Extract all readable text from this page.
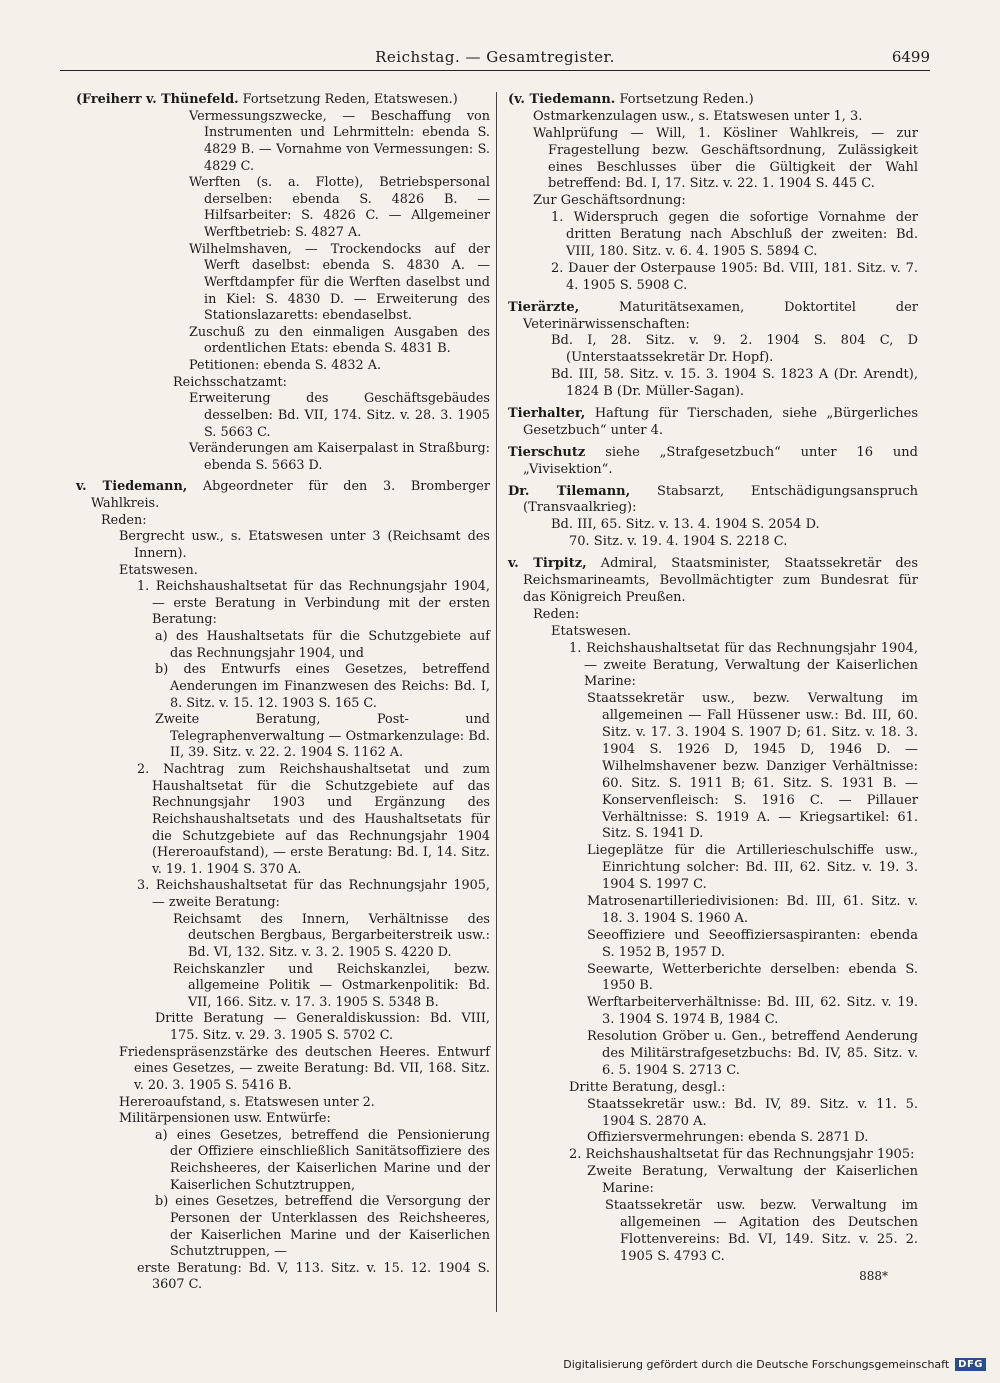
Reichstag. — Gesamtregister.	6499

(Freiherr v. Thünefeld. Fortsetzung Reden, Etatswesen.)

Vermessungszwecke, — Beschaffung von Instrumenten und Lehrmitteln: ebenda S. 4829 B. — Vornahme von Vermessungen: S. 4829 C.

Werften (s. a. Flotte), Betriebspersonal derselben: ebenda S. 4826 B. — Hilfsarbeiter: S. 4826 C. — Allgemeiner Werftbetrieb: S. 4827 A.

Wilhelmshaven, — Trockendocks auf der Werft daselbst: ebenda S. 4830 A. — Werftdampfer für die Werften daselbst und in Kiel: S. 4830 D. — Erweiterung des Stationslazaretts: ebendaselbst.

Zuschuß zu den einmaligen Ausgaben des ordentlichen Etats: ebenda S. 4831 B.

Petitionen: ebenda S. 4832 A.

Reichsschatzamt:

Erweiterung des Geschäftsgebäudes desselben: Bd. VII, 174. Sitz. v. 28. 3. 1905 S. 5663 C.

Veränderungen am Kaiserpalast in Straßburg: ebenda S. 5663 D.

v. Tiedemann, Abgeordneter für den 3. Bromberger Wahlkreis.

Reden:

Bergrecht usw., s. Etatswesen unter 3 (Reichsamt des Innern).

Etatswesen.

1. Reichshaushaltsetat für das Rechnungsjahr 1904, — erste Beratung in Verbindung mit der ersten Beratung:

a) des Haushaltsetats für die Schutzgebiete auf das Rechnungsjahr 1904, und

b) des Entwurfs eines Gesetzes, betreffend Aenderungen im Finanzwesen des Reichs: Bd. I, 8. Sitz. v. 15. 12. 1903 S. 165 C.

Zweite Beratung, Post- und Telegraphenverwaltung — Ostmarkenzulage: Bd. II, 39. Sitz. v. 22. 2. 1904 S. 1162 A.

2. Nachtrag zum Reichshaushaltsetat und zum Haushaltsetat für die Schutzgebiete auf das Rechnungsjahr 1903 und Ergänzung des Reichshaushaltsetats und des Haushaltsetats für die Schutzgebiete auf das Rechnungsjahr 1904 (Hereroaufstand), — erste Beratung: Bd. I, 14. Sitz. v. 19. 1. 1904 S. 370 A.

3. Reichshaushaltsetat für das Rechnungsjahr 1905, — zweite Beratung:

Reichsamt des Innern, Verhältnisse des deutschen Bergbaus, Bergarbeiterstreik usw.: Bd. VI, 132. Sitz. v. 3. 2. 1905 S. 4220 D.

Reichskanzler und Reichskanzlei, bezw. allgemeine Politik — Ostmarkenpolitik: Bd. VII, 166. Sitz. v. 17. 3. 1905 S. 5348 B.

Dritte Beratung — Generaldiskussion: Bd. VIII, 175. Sitz. v. 29. 3. 1905 S. 5702 C.

Friedenspräsenzstärke des deutschen Heeres. Entwurf eines Gesetzes, — zweite Beratung: Bd. VII, 168. Sitz. v. 20. 3. 1905 S. 5416 B.

Hereroaufstand, s. Etatswesen unter 2.

Militärpensionen usw. Entwürfe:

a) eines Gesetzes, betreffend die Pensionierung der Offiziere einschließlich Sanitätsoffiziere des Reichsheeres, der Kaiserlichen Marine und der Kaiserlichen Schutztruppen,

b) eines Gesetzes, betreffend die Versorgung der Personen der Unterklassen des Reichsheeres, der Kaiserlichen Marine und der Kaiserlichen Schutztruppen, —

erste Beratung: Bd. V, 113. Sitz. v. 15. 12. 1904 S. 3607 C.

(v. Tiedemann. Fortsetzung Reden.)

Ostmarkenzulagen usw., s. Etatswesen unter 1, 3.

Wahlprüfung — Will, 1. Kösliner Wahlkreis, — zur Fragestellung bezw. Geschäftsordnung, Zulässigkeit eines Beschlusses über die Gültigkeit der Wahl betreffend: Bd. I, 17. Sitz. v. 22. 1. 1904 S. 445 C.

Zur Geschäftsordnung:

1. Widerspruch gegen die sofortige Vornahme der dritten Beratung nach Abschluß der zweiten: Bd. VIII, 180. Sitz. v. 6. 4. 1905 S. 5894 C.

2. Dauer der Osterpause 1905: Bd. VIII, 181. Sitz. v. 7. 4. 1905 S. 5908 C.

Tierärzte,	Maturitätsexamen, Doktortitel der Veterinärwissenschaften:

Bd. I, 28. Sitz. v. 9. 2. 1904 S. 804 C, D (Unterstaatssekretär Dr. Hopf).

Bd. III, 58. Sitz. v. 15. 3. 1904 S. 1823 A (Dr. Arendt), 1824 B (Dr. Müller-Sagan).

Tierhalter, Haftung für Tierschaden, siehe „Bürgerliches Gesetzbuch“ unter 4.

Tierschutz siehe „Strafgesetzbuch“ unter 16 und „Vivisektion“.

Dr. Tilemann, Stabsarzt, Entschädigungsanspruch (Transvaalkrieg):

Bd. III, 65. Sitz. v. 13. 4. 1904 S. 2054 D.

70. Sitz. v. 19. 4. 1904 S. 2218 C.

v. Tirpitz, Admiral, Staatsminister, Staatssekretär des Reichsmarineamts, Bevollmächtigter zum Bundesrat für das Königreich Preußen.

Reden:

Etatswesen.

1. Reichshaushaltsetat für das Rechnungsjahr 1904, — zweite Beratung, Verwaltung der Kaiserlichen Marine:

Staatssekretär usw., bezw. Verwaltung im allgemeinen — Fall Hüssener usw.: Bd. III, 60. Sitz. v. 17. 3. 1904 S. 1907 D; 61. Sitz. v. 18. 3. 1904 S. 1926 D, 1945 D, 1946 D. — Wilhelmshavener bezw. Danziger Verhältnisse: 60. Sitz. S. 1911 B; 61. Sitz. S. 1931 B. — Konservenfleisch: S. 1916 C. — Pillauer Verhältnisse: S. 1919 A. — Kriegsartikel: 61. Sitz. S. 1941 D.

Liegeplätze für die Artillerieschulschiffe usw., Einrichtung solcher: Bd. III, 62. Sitz. v. 19. 3. 1904 S. 1997 C.

Matrosenartilleriedivisionen: Bd. III, 61. Sitz. v. 18. 3. 1904 S. 1960 A.

Seeoffiziere und Seeoffiziersaspiranten: ebenda S. 1952 B, 1957 D.

Seewarte, Wetterberichte derselben: ebenda S. 1950 B.

Werftarbeiterverhältnisse: Bd. III, 62. Sitz. v. 19. 3. 1904 S. 1974 B, 1984 C.

Resolution Gröber u. Gen., betreffend Aenderung des Militärstrafgesetzbuchs: Bd. IV, 85. Sitz. v. 6. 5. 1904 S. 2713 C.

Dritte Beratung, desgl.:

Staatssekretär usw.: Bd. IV, 89. Sitz. v. 11. 5. 1904 S. 2870 A.

Offiziersvermehrungen: ebenda S. 2871 D.

2. Reichshaushaltsetat für das Rechnungsjahr 1905:

Zweite Beratung, Verwaltung der Kaiserlichen Marine:

Staatssekretär usw. bezw. Verwaltung im allgemeinen — Agitation des Deutschen Flottenvereins: Bd. VI, 149. Sitz. v. 25. 2. 1905 S. 4793 C.

888*

Digitalisierung gefördert durch die Deutsche Forschungsgemeinschaft DFG
